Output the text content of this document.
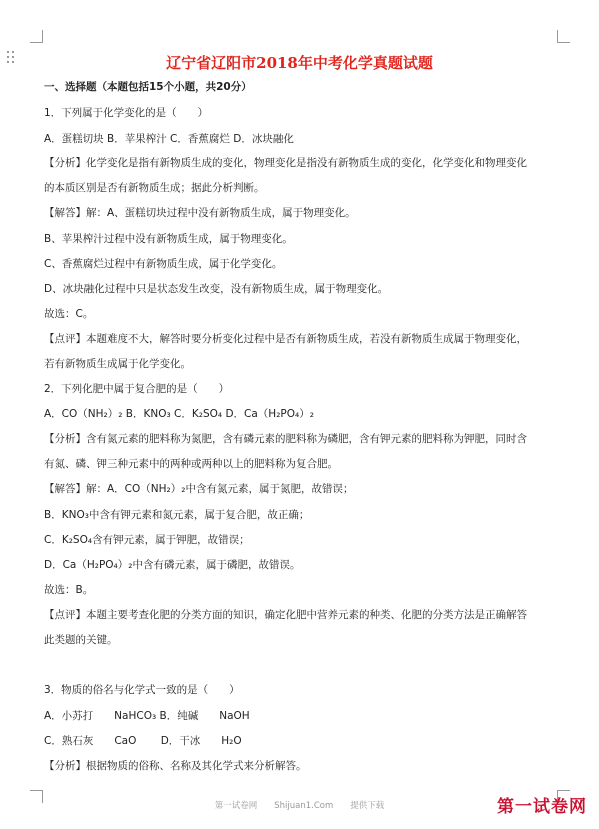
辽宁省辽阳市2018年中考化学真题试题
一、选择题（本题包括15个小题，共20分）
1．下列属于化学变化的是（　　）
A．蛋糕切块 B．苹果榨汁 C．香蕉腐烂 D．冰块融化
【分析】化学变化是指有新物质生成的变化，物理变化是指没有新物质生成的变化，化学变化和物理变化
的本质区别是否有新物质生成；据此分析判断。
【解答】解：A、蛋糕切块过程中没有新物质生成，属于物理变化。
B、苹果榨汁过程中没有新物质生成，属于物理变化。
C、香蕉腐烂过程中有新物质生成，属于化学变化。
D、冰块融化过程中只是状态发生改变，没有新物质生成，属于物理变化。
故选：C。
【点评】本题难度不大，解答时要分析变化过程中是否有新物质生成，若没有新物质生成属于物理变化，
若有新物质生成属于化学变化。
2．下列化肥中属于复合肥的是（　　）
A．CO（NH₂）₂ B．KNO₃ C．K₂SO₄ D．Ca（H₂PO₄）₂
【分析】含有氮元素的肥料称为氮肥，含有磷元素的肥料称为磷肥，含有钾元素的肥料称为钾肥，同时含
有氮、磷、钾三种元素中的两种或两种以上的肥料称为复合肥。
【解答】解：A．CO（NH₂）₂中含有氮元素，属于氮肥，故错误；
B．KNO₃中含有钾元素和氮元素，属于复合肥，故正确；
C．K₂SO₄含有钾元素，属于钾肥，故错误；
D．Ca（H₂PO₄）₂中含有磷元素，属于磷肥，故错误。
故选：B。
【点评】本题主要考查化肥的分类方面的知识，确定化肥中营养元素的种类、化肥的分类方法是正确解答
此类题的关键。
3．物质的俗名与化学式一致的是（　　）
A．小苏打　　NaHCO₃ B．纯碱　　NaOH
C．熟石灰　　CaO　　 D．干冰　　H₂O
【分析】根据物质的俗称、名称及其化学式来分析解答。
第一试卷网　　Shijuan1.Com　　提供下载	第一试卷网
